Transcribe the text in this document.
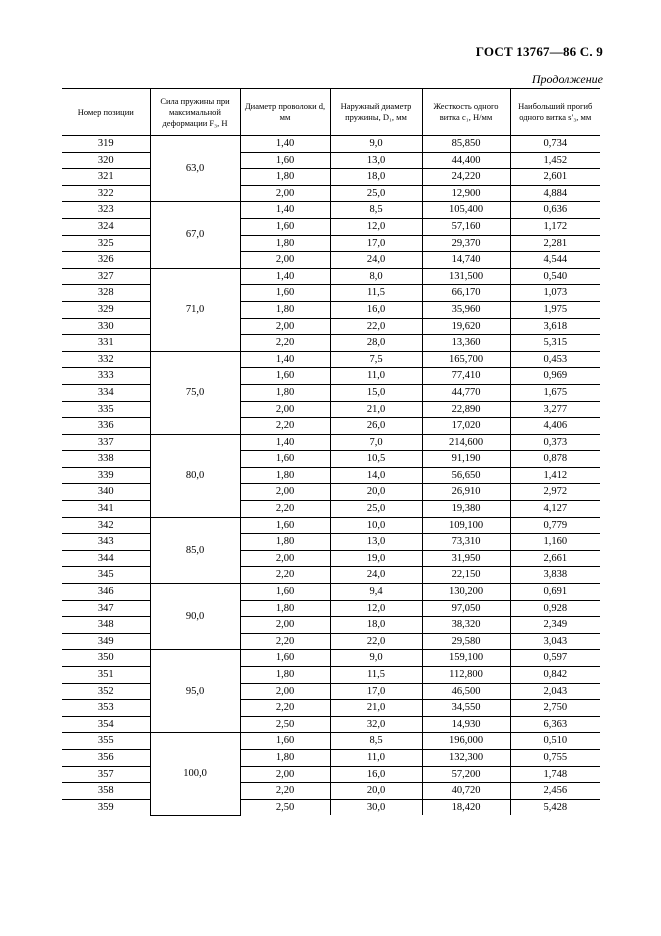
ГОСТ 13767—86 С. 9
Продолжение
Номер позиции	Сила пружины при максимальной деформации F₃, Н	Диаметр проволоки d, мм	Наружный диаметр пружины, D₁, мм	Жесткость одного витка c₁, Н/мм	Наибольший прогиб одного витка s′₃, мм
319	63,0	1,40	9,0	85,850	0,734
320		1,60	13,0	44,400	1,452
321		1,80	18,0	24,220	2,601
322		2,00	25,0	12,900	4,884
323	67,0	1,40	8,5	105,400	0,636
324		1,60	12,0	57,160	1,172
325		1,80	17,0	29,370	2,281
326		2,00	24,0	14,740	4,544
327	71,0	1,40	8,0	131,500	0,540
328		1,60	11,5	66,170	1,073
329		1,80	16,0	35,960	1,975
330		2,00	22,0	19,620	3,618
331		2,20	28,0	13,360	5,315
332	75,0	1,40	7,5	165,700	0,453
333		1,60	11,0	77,410	0,969
334		1,80	15,0	44,770	1,675
335		2,00	21,0	22,890	3,277
336		2,20	26,0	17,020	4,406
337	80,0	1,40	7,0	214,600	0,373
338		1,60	10,5	91,190	0,878
339		1,80	14,0	56,650	1,412
340		2,00	20,0	26,910	2,972
341		2,20	25,0	19,380	4,127
342	85,0	1,60	10,0	109,100	0,779
343		1,80	13,0	73,310	1,160
344		2,00	19,0	31,950	2,661
345		2,20	24,0	22,150	3,838
346	90,0	1,60	9,4	130,200	0,691
347		1,80	12,0	97,050	0,928
348		2,00	18,0	38,320	2,349
349		2,20	22,0	29,580	3,043
350	95,0	1,60	9,0	159,100	0,597
351		1,80	11,5	112,800	0,842
352		2,00	17,0	46,500	2,043
353		2,20	21,0	34,550	2,750
354		2,50	32,0	14,930	6,363
355	100,0	1,60	8,5	196,000	0,510
356		1,80	11,0	132,300	0,755
357		2,00	16,0	57,200	1,748
358		2,20	20,0	40,720	2,456
359		2,50	30,0	18,420	5,428
